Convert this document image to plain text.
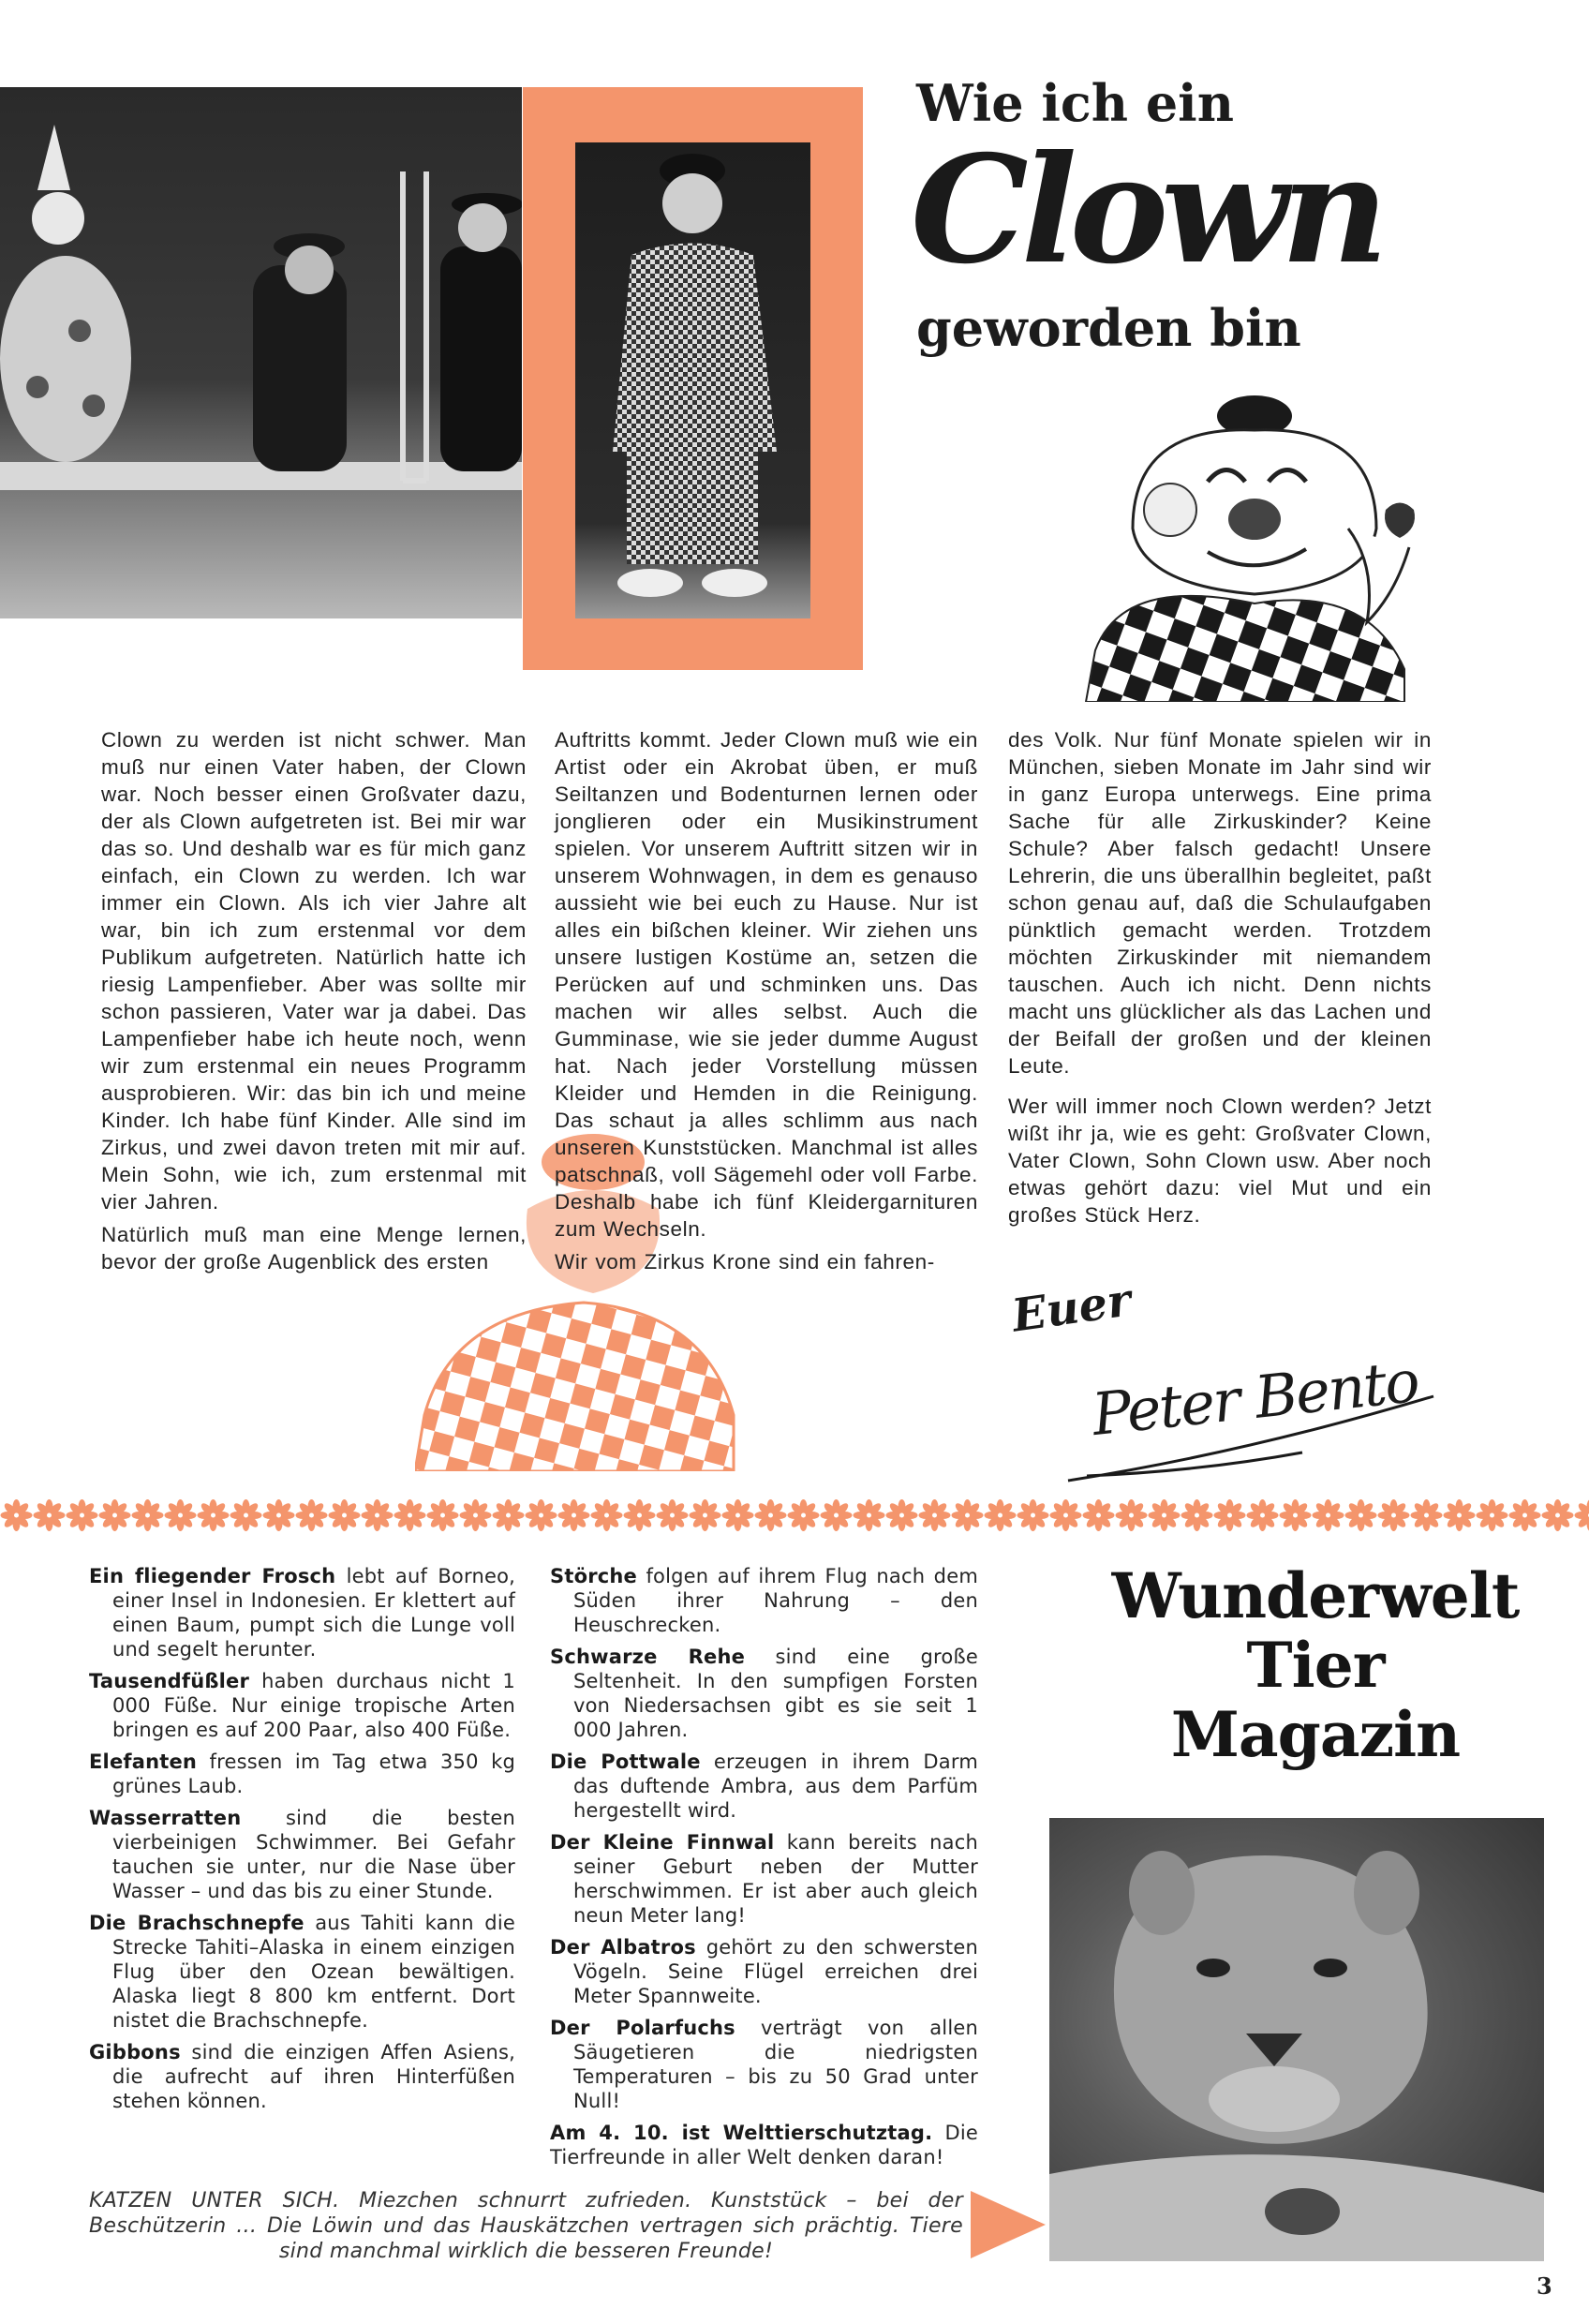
Wie ich ein
Clown
geworden bin

Clown zu werden ist nicht schwer. Man muß nur einen Vater haben, der Clown war. Noch besser einen Großvater dazu, der als Clown aufgetreten ist. Bei mir war das so. Und deshalb war es für mich ganz einfach, ein Clown zu werden. Ich war immer ein Clown. Als ich vier Jahre alt war, bin ich zum erstenmal vor dem Publikum aufgetreten. Natürlich hatte ich riesig Lampenfieber. Aber was sollte mir schon passieren, Vater war ja dabei. Das Lampenfieber habe ich heute noch, wenn wir zum erstenmal ein neues Programm ausprobieren. Wir: das bin ich und meine Kinder. Ich habe fünf Kinder. Alle sind im Zirkus, und zwei davon treten mit mir auf. Mein Sohn, wie ich, zum erstenmal mit vier Jahren.

Natürlich muß man eine Menge lernen, bevor der große Augenblick des ersten

Auftritts kommt. Jeder Clown muß wie ein Artist oder ein Akrobat üben, er muß Seiltanzen und Bodenturnen lernen oder jonglieren oder ein Musikinstrument spielen. Vor unserem Auftritt sitzen wir in unserem Wohnwagen, in dem es genauso aussieht wie bei euch zu Hause. Nur ist alles ein bißchen kleiner. Wir ziehen uns unsere lustigen Kostüme an, setzen die Perücken auf und schminken uns. Das machen wir alles selbst. Auch die Gumminase, wie sie jeder dumme August hat. Nach jeder Vorstellung müssen Kleider und Hemden in die Reinigung. Das schaut ja alles schlimm aus nach unseren Kunststücken. Manchmal ist alles patschnaß, voll Sägemehl oder voll Farbe. Deshalb habe ich fünf Kleidergarnituren zum Wechseln.

Wir vom Zirkus Krone sind ein fahren-

des Volk. Nur fünf Monate spielen wir in München, sieben Monate im Jahr sind wir in ganz Europa unterwegs. Eine prima Sache für alle Zirkuskinder? Keine Schule? Aber falsch gedacht! Unsere Lehrerin, die uns überallhin begleitet, paßt schon genau auf, daß die Schulaufgaben pünktlich gemacht werden. Trotzdem möchten Zirkuskinder mit niemandem tauschen. Auch ich nicht. Denn nichts macht uns glücklicher als das Lachen und der Beifall der großen und der kleinen Leute.

Wer will immer noch Clown werden? Jetzt wißt ihr ja, wie es geht: Großvater Clown, Vater Clown, Sohn Clown usw. Aber noch etwas gehört dazu: viel Mut und ein großes Stück Herz.

Euer
Peter Bento

Ein fliegender Frosch lebt auf Borneo, einer Insel in Indonesien. Er klettert auf einen Baum, pumpt sich die Lunge voll und segelt herunter.

Tausendfüßler haben durchaus nicht 1 000 Füße. Nur einige tropische Arten bringen es auf 200 Paar, also 400 Füße.

Elefanten fressen im Tag etwa 350 kg grünes Laub.

Wasserratten sind die besten vierbeinigen Schwimmer. Bei Gefahr tauchen sie unter, nur die Nase über Wasser – und das bis zu einer Stunde.

Die Brachschnepfe aus Tahiti kann die Strecke Tahiti–Alaska in einem einzigen Flug über den Ozean bewältigen. Alaska liegt 8 800 km entfernt. Dort nistet die Brachschnepfe.

Gibbons sind die einzigen Affen Asiens, die aufrecht auf ihren Hinterfüßen stehen können.

Störche folgen auf ihrem Flug nach dem Süden ihrer Nahrung – den Heuschrecken.

Schwarze Rehe sind eine große Seltenheit. In den sumpfigen Forsten von Niedersachsen gibt es sie seit 1 000 Jahren.

Die Pottwale erzeugen in ihrem Darm das duftende Ambra, aus dem Parfüm hergestellt wird.

Der Kleine Finnwal kann bereits nach seiner Geburt neben der Mutter herschwimmen. Er ist aber auch gleich neun Meter lang!

Der Albatros gehört zu den schwersten Vögeln. Seine Flügel erreichen drei Meter Spannweite.

Der Polarfuchs verträgt von allen Säugetieren die niedrigsten Temperaturen – bis zu 50 Grad unter Null!

Am 4. 10. ist Welttierschutztag. Die Tierfreunde in aller Welt denken daran!

Wunderwelt
Tier
Magazin
KATZEN UNTER SICH. Miezchen schnurrt zufrieden. Kunststück – bei der Beschützerin … Die Löwin und das Hauskätzchen vertragen sich prächtig. Tiere sind manchmal wirklich die besseren Freunde!
3
